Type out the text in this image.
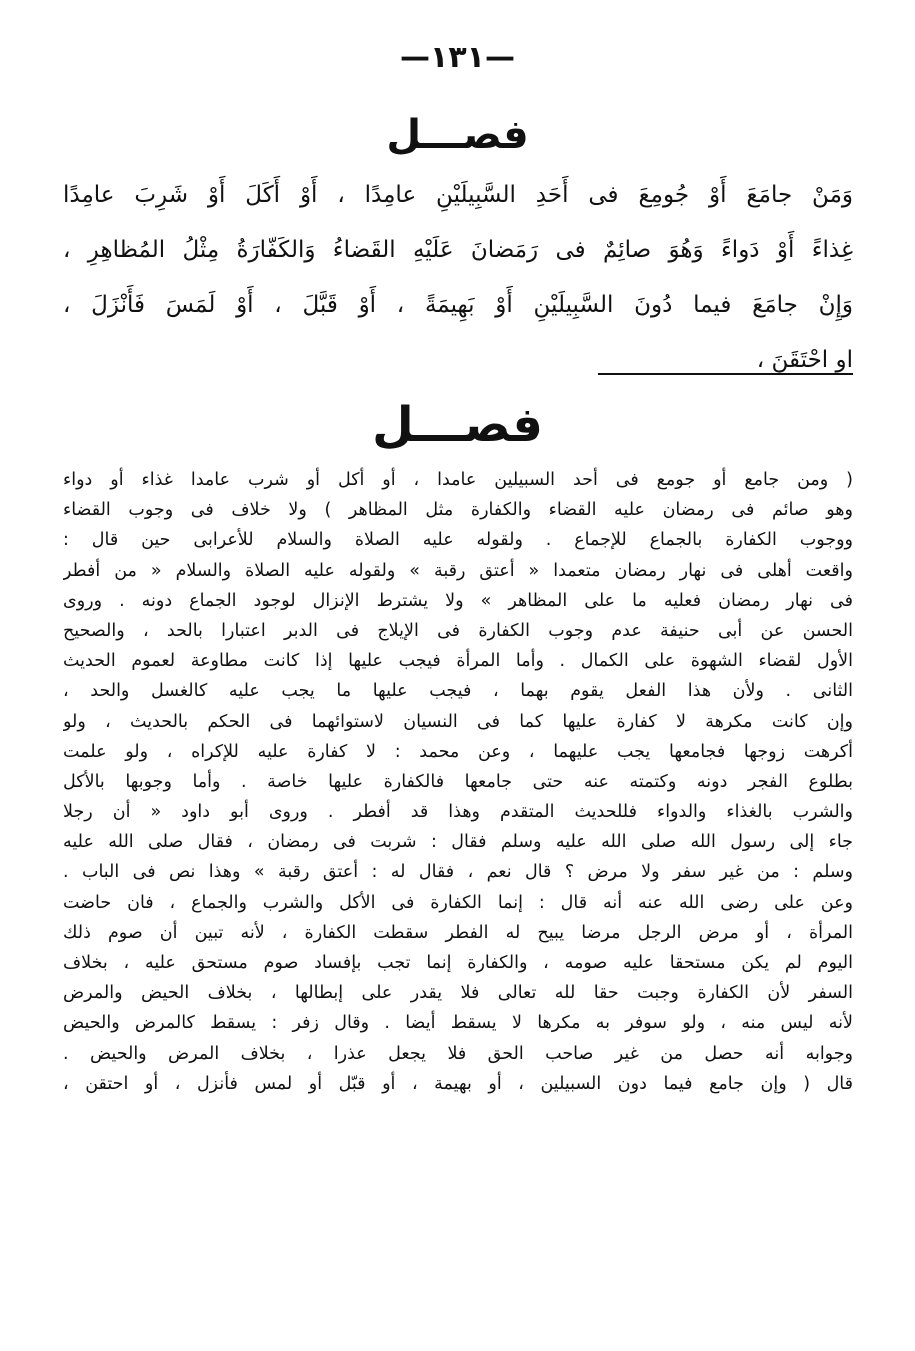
—١٣١—
فصـــل
وَمَنْ جامَعَ أَوْ جُومِعَ فى أَحَدِ السَّبِيلَيْنِ عامِدًا ، أَوْ أَكَلَ أَوْ شَرِبَ عامِدًا
غِذاءً أَوْ دَواءً وَهُوَ صائِمٌ فى رَمَضانَ عَلَيْهِ القَضاءُ وَالكَفّارَةُ مِثْلُ المُظاهِرِ ،
وَإِنْ جامَعَ فيما دُونَ السَّبِيلَيْنِ أَوْ بَهِيمَةً ، أَوْ قَبَّلَ ، أَوْ لَمَسَ فَأَنْزَلَ ،
او احْتَقَنَ ،
فصـــل
( ومن جامع أو جومع فى أحد السبيلين عامدا ، أو أكل أو شرب عامدا غذاء أو دواء
وهو صائم فى رمضان عليه القضاء والكفارة مثل المظاهر ) ولا خلاف فى وجوب القضاء
ووجوب الكفارة بالجماع للإجماع . ولقوله عليه الصلاة والسلام للأعرابى حين قال :
واقعت أهلى فى نهار رمضان متعمدا « أعتق رقبة » ولقوله عليه الصلاة والسلام « من أفطر
فى نهار رمضان فعليه ما على المظاهر » ولا يشترط الإنزال لوجود الجماع دونه . وروى
الحسن عن أبى حنيفة عدم وجوب الكفارة فى الإيلاج فى الدبر اعتبارا بالحد ، والصحيح
الأول لقضاء الشهوة على الكمال . وأما المرأة فيجب عليها إذا كانت مطاوعة لعموم الحديث
الثانى . ولأن هذا الفعل يقوم بهما ، فيجب عليها ما يجب عليه كالغسل والحد ،
وإن كانت مكرهة لا كفارة عليها كما فى النسيان لاستوائهما فى الحكم بالحديث ، ولو
أكرهت زوجها فجامعها يجب عليهما ، وعن محمد : لا كفارة عليه للإكراه ، ولو علمت
بطلوع الفجر دونه وكتمته عنه حتى جامعها فالكفارة عليها خاصة . وأما وجوبها بالأكل
والشرب بالغذاء والدواء فللحديث المتقدم وهذا قد أفطر . وروى أبو داود « أن رجلا
جاء إلى رسول الله صلى الله عليه وسلم فقال : شربت فى رمضان ، فقال صلى الله عليه
وسلم : من غير سفر ولا مرض ؟ قال نعم ، فقال له : أعتق رقبة » وهذا نص فى الباب .
وعن على رضى الله عنه أنه قال : إنما الكفارة فى الأكل والشرب والجماع ، فان حاضت
المرأة ، أو مرض الرجل مرضا يبيح له الفطر سقطت الكفارة ، لأنه تبين أن صوم ذلك
اليوم لم يكن مستحقا عليه صومه ، والكفارة إنما تجب بإفساد صوم مستحق عليه ، بخلاف
السفر لأن الكفارة وجبت حقا لله تعالى فلا يقدر على إبطالها ، بخلاف الحيض والمرض
لأنه ليس منه ، ولو سوفر به مكرها لا يسقط أيضا . وقال زفر : يسقط كالمرض والحيض
وجوابه أنه حصل من غير صاحب الحق فلا يجعل عذرا ، بخلاف المرض والحيض .
قال ( وإن جامع فيما دون السبيلين ، أو بهيمة ، أو قبّل أو لمس فأنزل ، أو احتقن ،
